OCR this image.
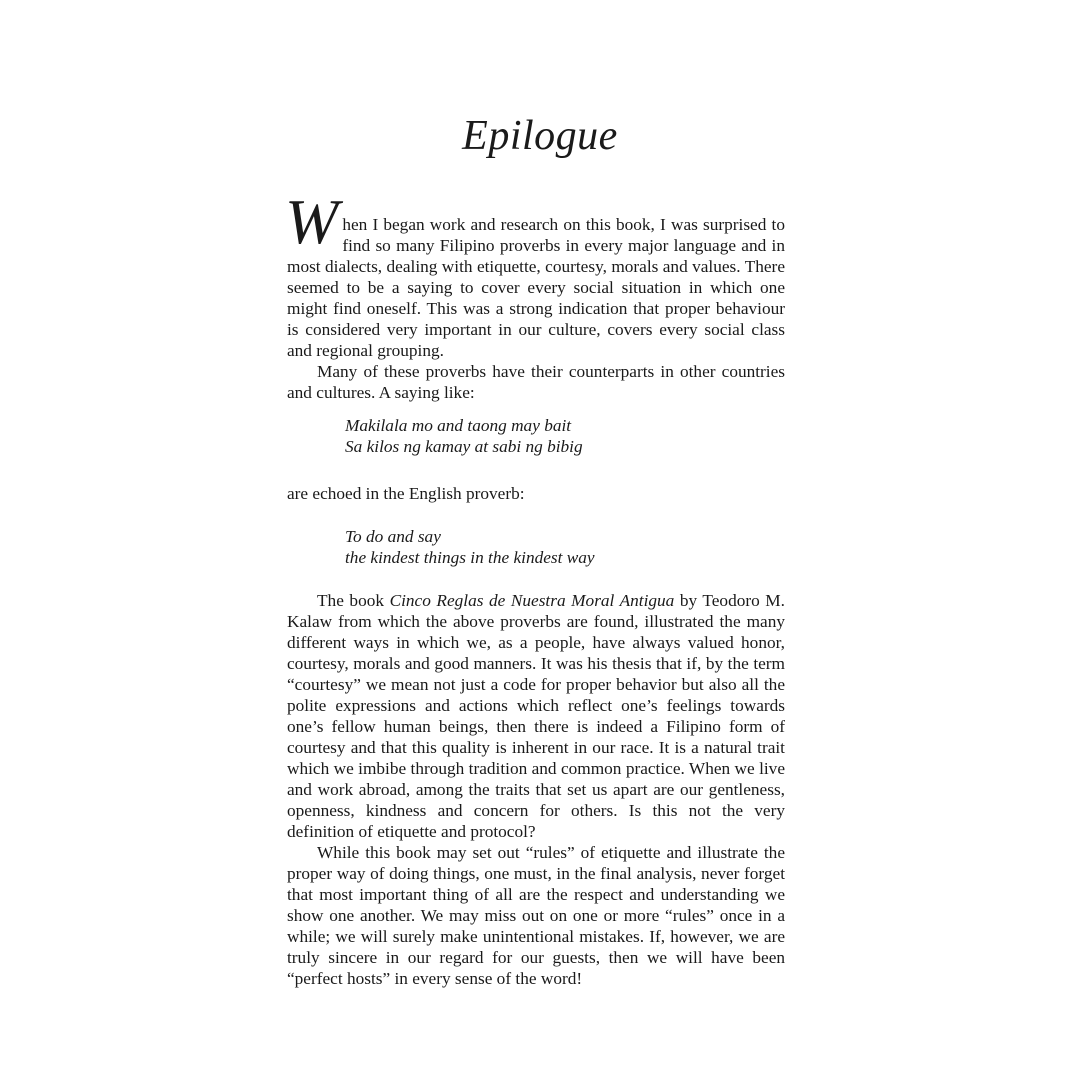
Epilogue

When I began work and research on this book, I was surprised to find so many Filipino proverbs in every major language and in most dialects, dealing with etiquette, courtesy, morals and values. There seemed to be a saying to cover every social situation in which one might find oneself. This was a strong indication that proper behaviour is considered very important in our culture, covers every social class and regional grouping.

Many of these proverbs have their counterparts in other countries and cultures. A saying like:

Makilala mo and taong may bait
Sa kilos ng kamay at sabi ng bibig

are echoed in the English proverb:

To do and say
the kindest things in the kindest way

The book Cinco Reglas de Nuestra Moral Antigua by Teodoro M. Kalaw from which the above proverbs are found, illustrated the many different ways in which we, as a people, have always valued honor, courtesy, morals and good manners. It was his thesis that if, by the term “courtesy” we mean not just a code for proper behavior but also all the polite expressions and actions which reflect one’s feelings towards one’s fellow human beings, then there is indeed a Filipino form of courtesy and that this quality is inherent in our race. It is a natural trait which we imbibe through tradition and common practice. When we live and work abroad, among the traits that set us apart are our gentleness, openness, kindness and concern for others. Is this not the very definition of etiquette and protocol?

While this book may set out “rules” of etiquette and illustrate the proper way of doing things, one must, in the final analysis, never forget that most important thing of all are the respect and understanding we show one another. We may miss out on one or more “rules” once in a while; we will surely make unintentional mistakes. If, however, we are truly sincere in our regard for our guests, then we will have been “perfect hosts” in every sense of the word!
